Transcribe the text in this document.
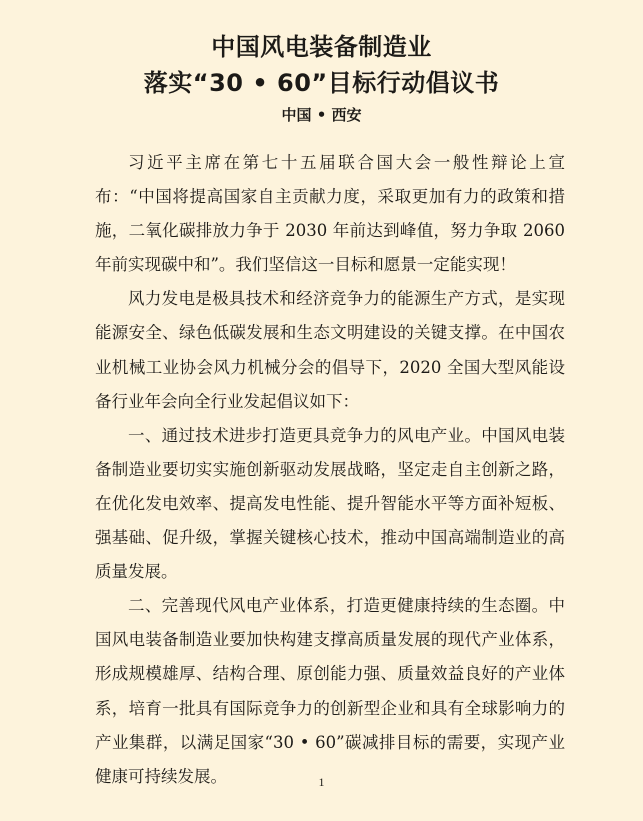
中国风电装备制造业
落实“30 • 60”目标行动倡议书
中国 • 西安

习近平主席在第七十五届联合国大会一般性辩论上宣布：“中国将提高国家自主贡献力度，采取更加有力的政策和措施，二氧化碳排放力争于 2030 年前达到峰值，努力争取 2060 年前实现碳中和”。我们坚信这一目标和愿景一定能实现！

风力发电是极具技术和经济竞争力的能源生产方式，是实现能源安全、绿色低碳发展和生态文明建设的关键支撑。在中国农业机械工业协会风力机械分会的倡导下，2020 全国大型风能设备行业年会向全行业发起倡议如下：

一、通过技术进步打造更具竞争力的风电产业。中国风电装备制造业要切实实施创新驱动发展战略，坚定走自主创新之路，在优化发电效率、提高发电性能、提升智能水平等方面补短板、强基础、促升级，掌握关键核心技术，推动中国高端制造业的高质量发展。

二、完善现代风电产业体系，打造更健康持续的生态圈。中国风电装备制造业要加快构建支撑高质量发展的现代产业体系，形成规模雄厚、结构合理、原创能力强、质量效益良好的产业体系，培育一批具有国际竞争力的创新型企业和具有全球影响力的产业集群，以满足国家“30 • 60”碳减排目标的需要，实现产业健康可持续发展。	1
